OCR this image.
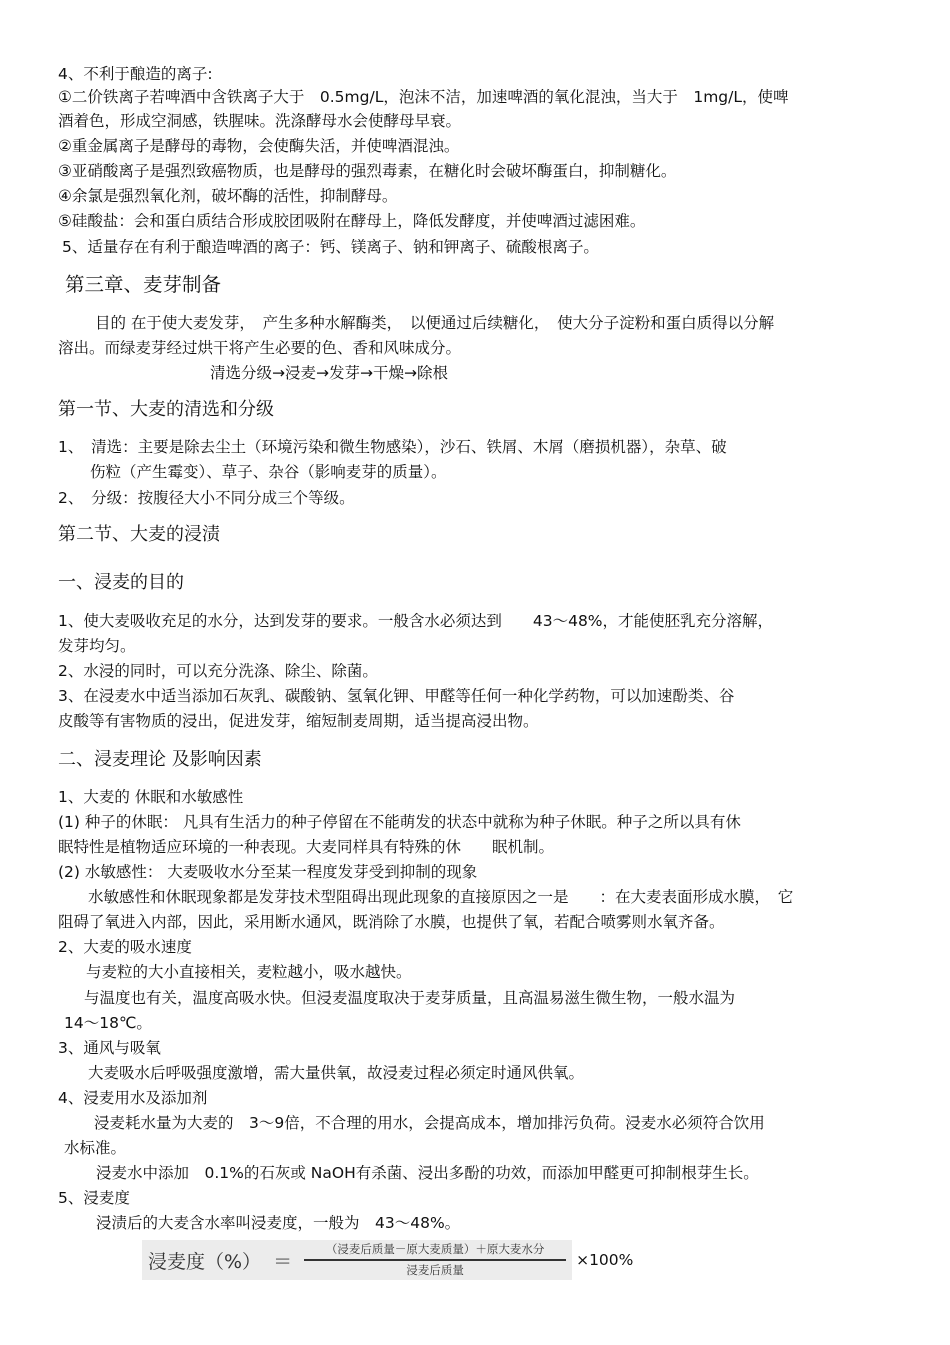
4、不利于酿造的离子:
①二价铁离子若啤酒中含铁离子大于　0.5mg/L，泡沫不洁，加速啤酒的氧化混浊，当大于　1mg/L，使啤
酒着色，形成空洞感，铁腥味。洗涤酵母水会使酵母早衰。
②重金属离子是酵母的毒物，会使酶失活，并使啤酒混浊。
③亚硝酸离子是强烈致癌物质，也是酵母的强烈毒素，在糖化时会破坏酶蛋白，抑制糖化。
④余氯是强烈氧化剂，破坏酶的活性，抑制酵母。
⑤硅酸盐：会和蛋白质结合形成胶团吸附在酵母上，降低发酵度，并使啤酒过滤困难。
5、适量存在有利于酿造啤酒的离子：钙、镁离子、钠和钾离子、硫酸根离子。
第三章、麦芽制备
目的 在于使大麦发芽，　产生多种水解酶类，　以便通过后续糖化，　使大分子淀粉和蛋白质得以分解
溶出。而绿麦芽经过烘干将产生必要的色、香和风味成分。
清选分级→浸麦→发芽→干燥→除根
第一节、大麦的清选和分级
1、　清选：主要是除去尘土（环境污染和微生物感染），沙石、铁屑、木屑（磨损机器），杂草、破
伤粒（产生霉变）、草子、杂谷（影响麦芽的质量）。
2、　分级：按腹径大小不同分成三个等级。
第二节、大麦的浸渍
一、浸麦的目的
1、使大麦吸收充足的水分，达到发芽的要求。一般含水必须达到　　43～48%，才能使胚乳充分溶解，
发芽均匀。
2、水浸的同时，可以充分洗涤、除尘、除菌。
3、在浸麦水中适当添加石灰乳、碳酸钠、氢氧化钾、甲醛等任何一种化学药物，可以加速酚类、谷
皮酸等有害物质的浸出，促进发芽，缩短制麦周期，适当提高浸出物。
二、浸麦理论 及影响因素
1、大麦的 休眠和水敏感性
(1) 种子的休眠： 凡具有生活力的种子停留在不能萌发的状态中就称为种子休眠。种子之所以具有休
眠特性是植物适应环境的一种表现。大麦同样具有特殊的休　　眠机制。
(2) 水敏感性： 大麦吸收水分至某一程度发芽受到抑制的现象
水敏感性和休眠现象都是发芽技术型阻碍出现此现象的直接原因之一是　　：在大麦表面形成水膜，　它
阻碍了氧进入内部，因此，采用断水通风，既消除了水膜，也提供了氧，若配合喷雾则水氧齐备。
2、大麦的吸水速度
与麦粒的大小直接相关，麦粒越小，吸水越快。
与温度也有关，温度高吸水快。但浸麦温度取决于麦芽质量，且高温易滋生微生物，一般水温为
14～18℃。
3、通风与吸氧
大麦吸水后呼吸强度激增，需大量供氧，故浸麦过程必须定时通风供氧。
4、浸麦用水及添加剂
浸麦耗水量为大麦的　3～9倍，不合理的用水，会提高成本，增加排污负荷。浸麦水必须符合饮用
水标准。
浸麦水中添加　0.1%的石灰或 NaOH有杀菌、浸出多酚的功效，而添加甲醛更可抑制根芽生长。
5、浸麦度
浸渍后的大麦含水率叫浸麦度，一般为　43～48%。
浸麦度（%） ＝ $\frac{\text{（浸麦后质量－原大麦质量）＋原大麦水分}}{\text{浸麦后质量}} \times 100\%$
